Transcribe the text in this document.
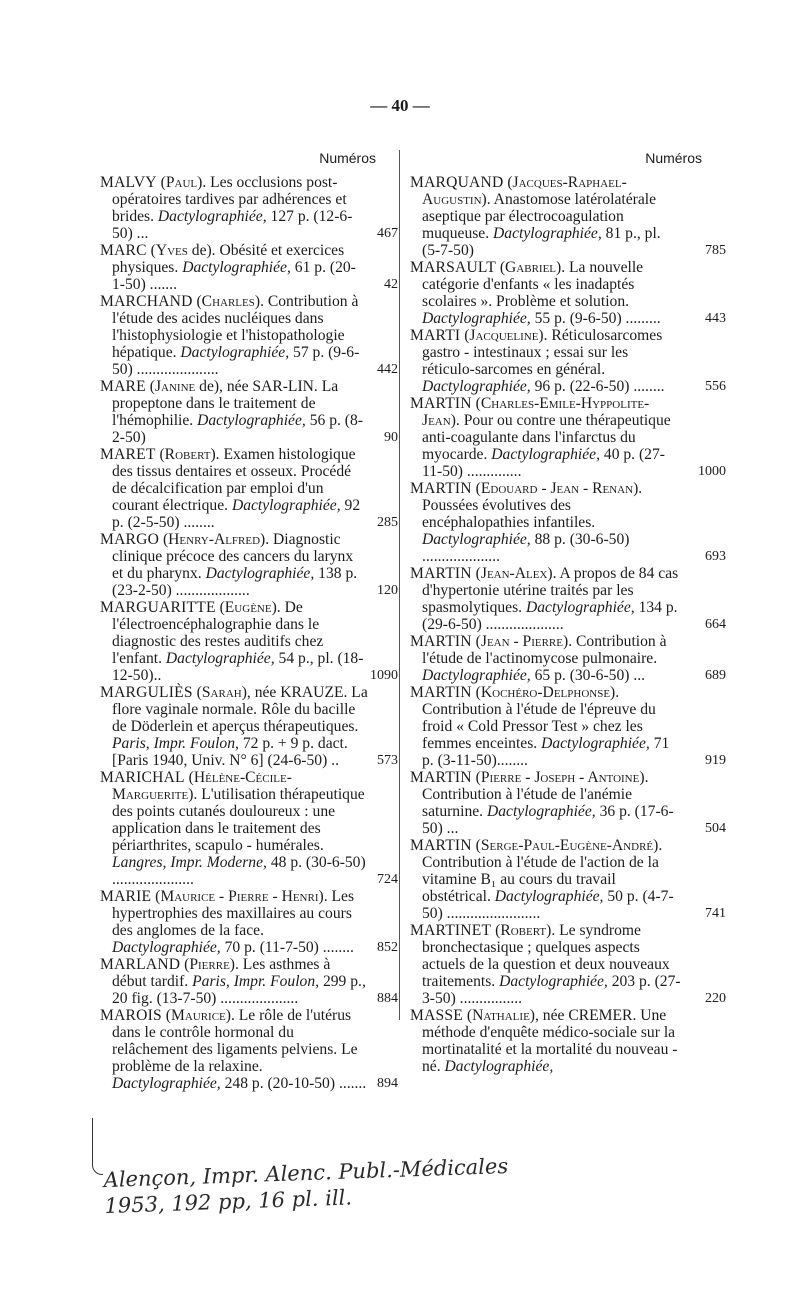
— 40 —
Numéros
MALVY (Paul). Les occlusions post-opératoires tardives par adhérences et brides. Dactylographiée, 127 p. (12-6-50) ...	467
MARC (Yves de). Obésité et exercices physiques. Dactylographiée, 61 p. (20-1-50) .......	42
MARCHAND (Charles). Contribution à l'étude des acides nucléiques dans l'histophysiologie et l'histopathologie hépatique. Dactylographiée, 57 p. (9-6-50) .....................	442
MARE (Janine de), née SAR-LIN. La propeptone dans le traitement de l'hémophilie. Dactylographiée, 56 p. (8-2-50)	90
MARET (Robert). Examen histologique des tissus dentaires et osseux. Procédé de décalcification par emploi d'un courant électrique. Dactylographiée, 92 p. (2-5-50) ........	285
MARGO (Henry-Alfred). Diagnostic clinique précoce des cancers du larynx et du pharynx. Dactylographiée, 138 p. (23-2-50) ...................	120
MARGUARITTE (Eugène). De l'électroencéphalographie dans le diagnostic des restes auditifs chez l'enfant. Dactylographiée, 54 p., pl. (18-12-50)..	1090
MARGULIÈS (Sarah), née KRAUZE. La flore vaginale normale. Rôle du bacille de Döderlein et aperçus thérapeutiques. Paris, Impr. Foulon, 72 p. + 9 p. dact. [Paris 1940, Univ. N° 6] (24-6-50) ..	573
MARICHAL (Hélène-Cécile-Marguerite). L'utilisation thérapeutique des points cutanés douloureux : une application dans le traitement des périarthrites, scapulo - humérales. Langres, Impr. Moderne, 48 p. (30-6-50) .....................	724
MARIE (Maurice - Pierre - Henri). Les hypertrophies des maxillaires au cours des anglomes de la face. Dactylographiée, 70 p. (11-7-50) ........ 852
MARLAND (Pierre). Les asthmes à début tardif. Paris, Impr. Foulon, 299 p., 20 fig. (13-7-50) ....................	884
MAROIS (Maurice). Le rôle de l'utérus dans le contrôle hormonal du relâchement des ligaments pelviens. Le problème de la relaxine. Dactylographiée, 248 p. (20-10-50) ....... 894
Numéros
MARQUAND (Jacques-Raphael-Augustin). Anastomose latérolatérale aseptique par électrocoagulation muqueuse. Dactylographiée, 81 p., pl. (5-7-50)	785
MARSAULT (Gabriel). La nouvelle catégorie d'enfants « les inadaptés scolaires ». Problème et solution. Dactylographiée, 55 p. (9-6-50) .........	443
MARTI (Jacqueline). Réticulosarcomes gastro - intestinaux ; essai sur les réticulo-sarcomes en général. Dactylographiée, 96 p. (22-6-50) ........	556
MARTIN (Charles-Emile-Hyppolite-Jean). Pour ou contre une thérapeutique anti-coagulante dans l'infarctus du myocarde. Dactylographiée, 40 p. (27-11-50) ..............	1000
MARTIN (Edouard - Jean - Renan). Poussées évolutives des encéphalopathies infantiles. Dactylographiée, 88 p. (30-6-50) ....................	693
MARTIN (Jean-Alex). A propos de 84 cas d'hypertonie utérine traités par les spasmolytiques. Dactylographiée, 134 p. (29-6-50) ....................	664
MARTIN (Jean - Pierre). Contribution à l'étude de l'actinomycose pulmonaire. Dactylographiée, 65 p. (30-6-50) ...	689
MARTIN (Kochéro-Delphonse). Contribution à l'étude de l'épreuve du froid « Cold Pressor Test » chez les femmes enceintes. Dactylographiée, 71 p. (3-11-50)........	919
MARTIN (Pierre - Joseph - Antoine). Contribution à l'étude de l'anémie saturnine. Dactylographiée, 36 p. (17-6-50) ...	504
MARTIN (Serge-Paul-Eugène-André). Contribution à l'étude de l'action de la vitamine B₁ au cours du travail obstétrical. Dactylographiée, 50 p. (4-7-50) ........................	741
MARTINET (Robert). Le syndrome bronchectasique ; quelques aspects actuels de la question et deux nouveaux traitements. Dactylographiée, 203 p. (27-3-50) ................	220
MASSE (Nathalie), née CREMER. Une méthode d'enquête médico-sociale sur la mortinatalité et la mortalité du nouveau - né. Dactylographiée,
Alençon, Impr. Alenc. Publ.-Médicales
1953, 192 pp, 16 pl. ill.
